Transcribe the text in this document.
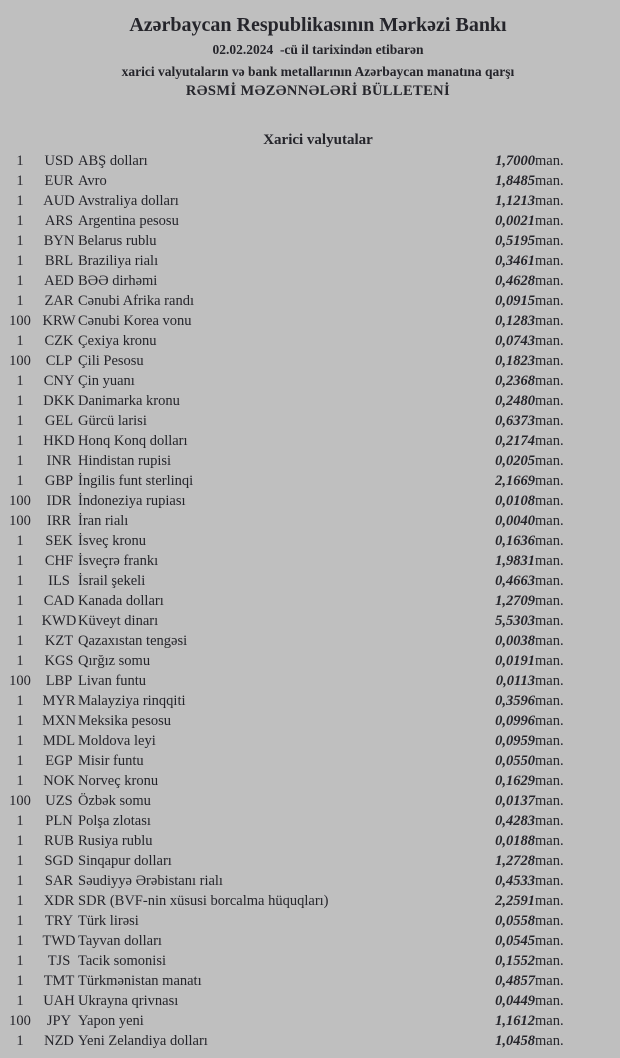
Azərbaycan Respublikasının Mərkəzi Bankı
02.02.2024  -cü il tarixindən etibarən
xarici valyutaların və bank metallarının Azərbaycan manatına qarşı
RƏSMİ MƏZƏNNƏLƏRİ BÜLLETENİ
Xarici valyutalar
1	USD	ABŞ dolları	1,7000	man.
1	EUR	Avro	1,8485	man.
1	AUD	Avstraliya dolları	1,1213	man.
1	ARS	Argentina pesosu	0,0021	man.
1	BYN	Belarus rublu	0,5195	man.
1	BRL	Braziliya rialı	0,3461	man.
1	AED	BƏƏ dirhəmi	0,4628	man.
1	ZAR	Cənubi Afrika randı	0,0915	man.
100	KRW	Cənubi Korea vonu	0,1283	man.
1	CZK	Çexiya kronu	0,0743	man.
100	CLP	Çili Pesosu	0,1823	man.
1	CNY	Çin yuanı	0,2368	man.
1	DKK	Danimarka kronu	0,2480	man.
1	GEL	Gürcü larisi	0,6373	man.
1	HKD	Honq Konq dolları	0,2174	man.
1	INR	Hindistan rupisi	0,0205	man.
1	GBP	İngilis funt sterlinqi	2,1669	man.
100	IDR	İndoneziya rupiası	0,0108	man.
100	IRR	İran rialı	0,0040	man.
1	SEK	İsveç kronu	0,1636	man.
1	CHF	İsveçrə frankı	1,9831	man.
1	ILS	İsrail şekeli	0,4663	man.
1	CAD	Kanada dolları	1,2709	man.
1	KWD	Küveyt dinarı	5,5303	man.
1	KZT	Qazaxıstan tengəsi	0,0038	man.
1	KGS	Qırğız somu	0,0191	man.
100	LBP	Livan funtu	0,0113	man.
1	MYR	Malayziya rinqqiti	0,3596	man.
1	MXN	Meksika pesosu	0,0996	man.
1	MDL	Moldova leyi	0,0959	man.
1	EGP	Misir funtu	0,0550	man.
1	NOK	Norveç kronu	0,1629	man.
100	UZS	Özbək somu	0,0137	man.
1	PLN	Polşa zlotası	0,4283	man.
1	RUB	Rusiya rublu	0,0188	man.
1	SGD	Sinqapur dolları	1,2728	man.
1	SAR	Səudiyyə Ərəbistanı rialı	0,4533	man.
1	XDR	SDR (BVF-nin xüsusi borcalma hüquqları)	2,2591	man.
1	TRY	Türk lirəsi	0,0558	man.
1	TWD	Tayvan dolları	0,0545	man.
1	TJS	Tacik somonisi	0,1552	man.
1	TMT	Türkmənistan manatı	0,4857	man.
1	UAH	Ukrayna qrivnası	0,0449	man.
100	JPY	Yapon yeni	1,1612	man.
1	NZD	Yeni Zelandiya dolları	1,0458	man.
